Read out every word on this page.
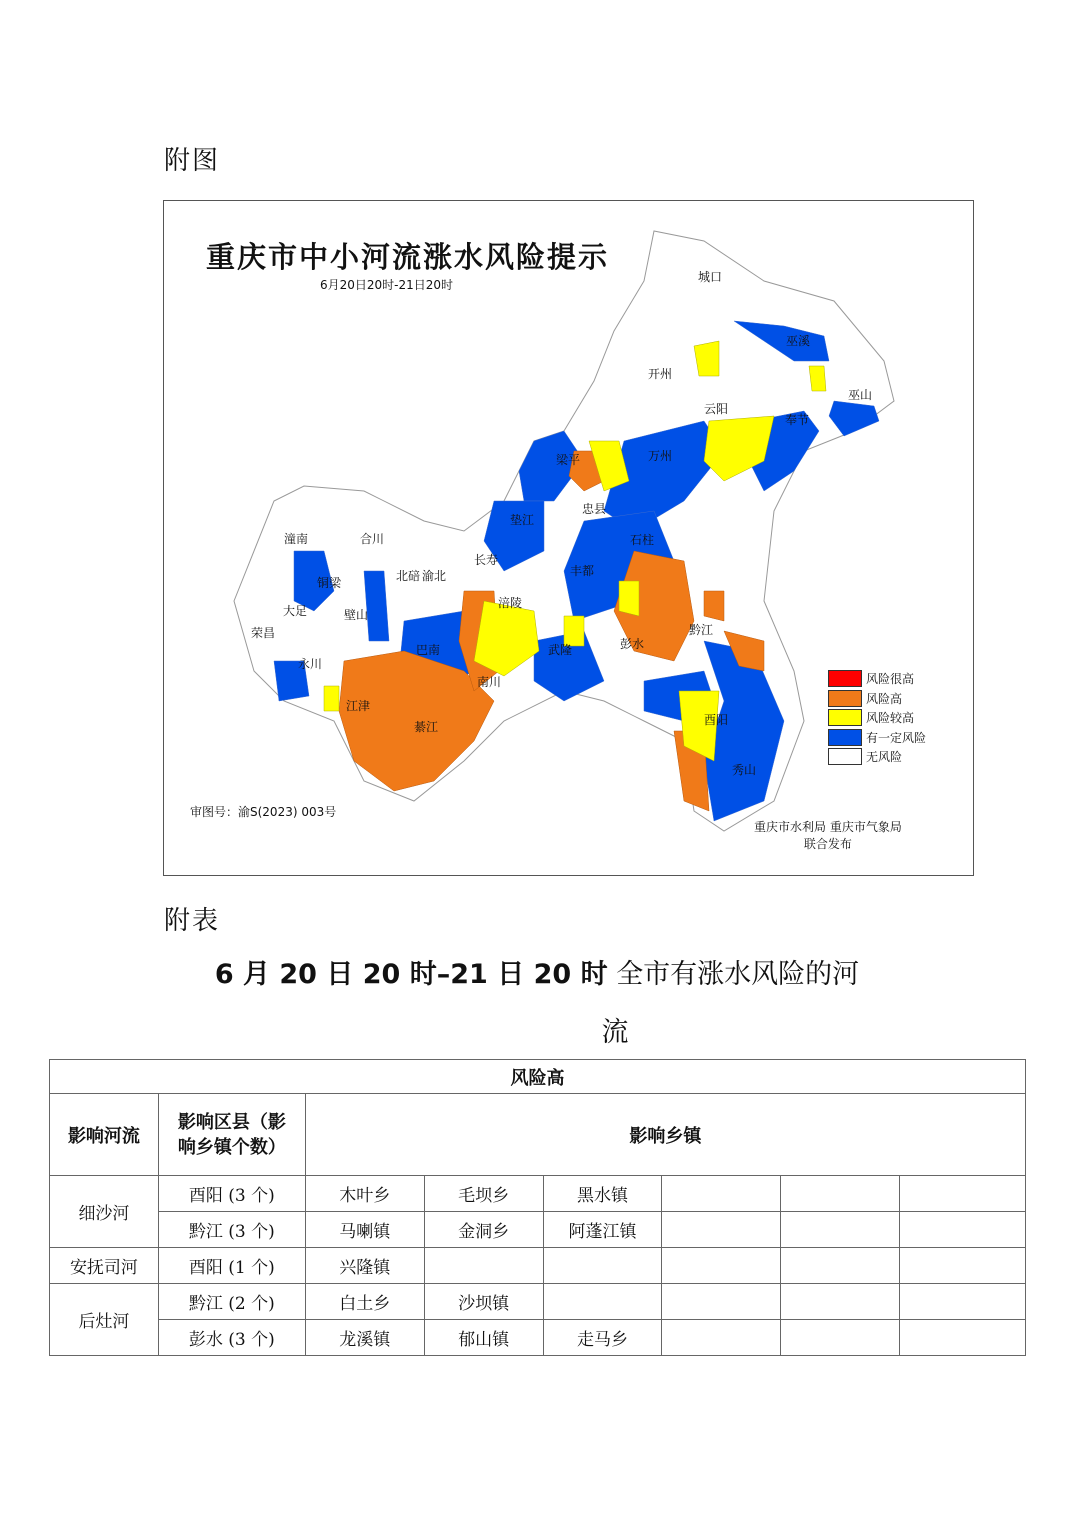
附图
重庆市中小河流涨水风险提示
6月20日20时-21日20时
城口
巫溪
开州
巫山
云阳
奉节
梁平	万州
忠县
垫江
石柱
长寿
丰都
潼南	合川
铜梁	北碚 渝北
大足	壁山
荣昌
永川
巴南
涪陵
武隆	彭水
黔江
南川
綦江
江津
酉阳
秀山
风险很高
风险高
风险较高
有一定风险
无风险
审图号：渝S(2023) 003号
重庆市水利局 重庆市气象局
联合发布
附表
6 月 20 日 20 时–21 日 20 时 全市有涨水风险的河
流
风险高							
影响河流	影响区县（影响乡镇个数）	影响乡镇					
细沙河	酉阳 (3 个)	木叶乡	毛坝乡	黑水镇			
	黔江 (3 个)	马喇镇	金洞乡	阿蓬江镇			
安抚司河	酉阳 (1 个)	兴隆镇					
后灶河	黔江 (2 个)	白土乡	沙坝镇				
	彭水 (3 个)	龙溪镇	郁山镇	走马乡			
